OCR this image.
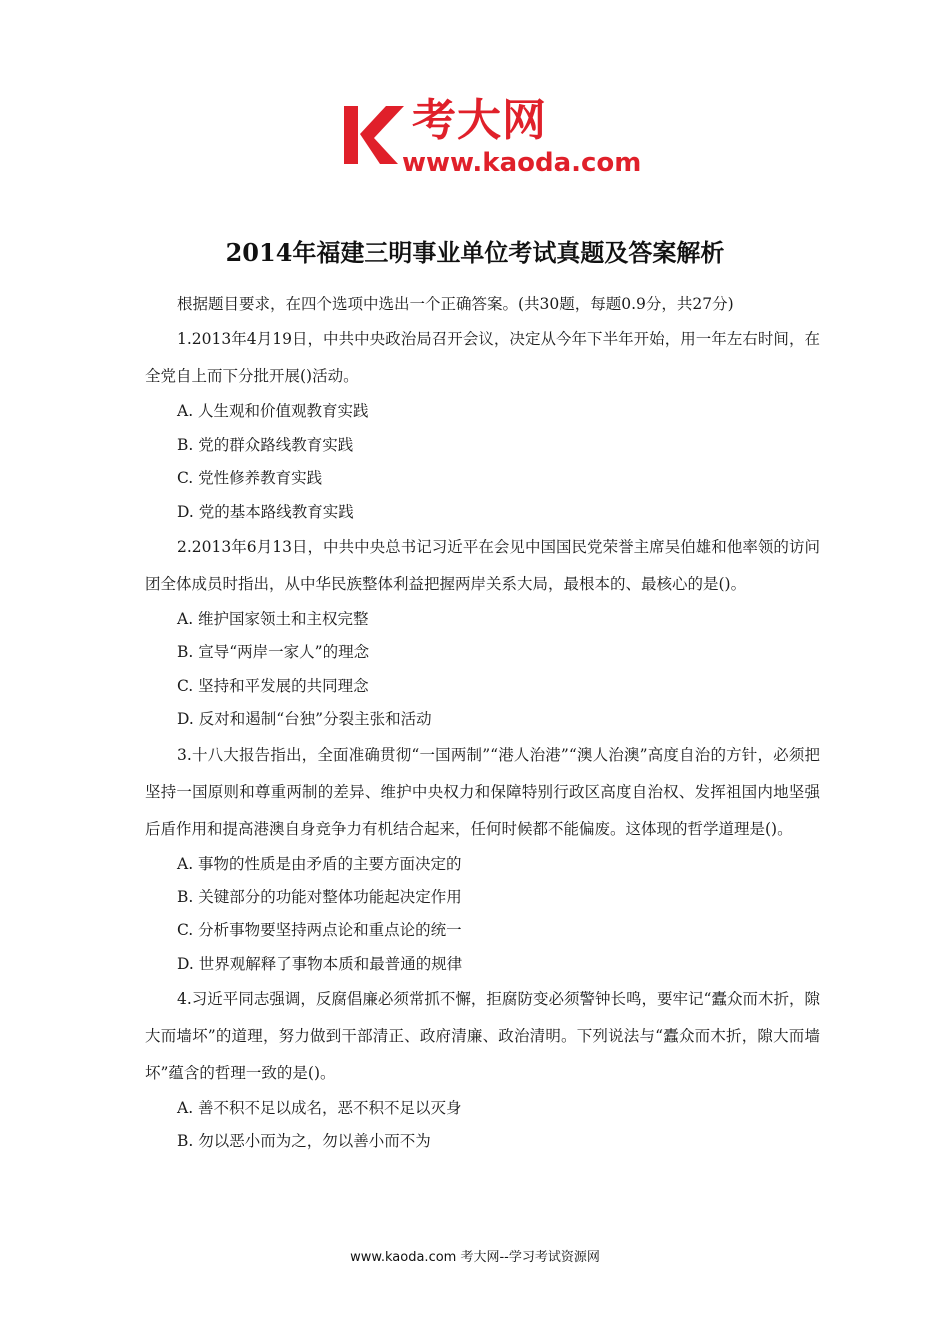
考大网
www.kaoda.com
2014年福建三明事业单位考试真题及答案解析
根据题目要求，在四个选项中选出一个正确答案。(共30题，每题0.9分，共27分)
1.2013年4月19日，中共中央政治局召开会议，决定从今年下半年开始，用一年左右时间，在全党自上而下分批开展()活动。
A. 人生观和价值观教育实践
B. 党的群众路线教育实践
C. 党性修养教育实践
D. 党的基本路线教育实践
2.2013年6月13日，中共中央总书记习近平在会见中国国民党荣誉主席吴伯雄和他率领的访问团全体成员时指出，从中华民族整体利益把握两岸关系大局，最根本的、最核心的是()。
A. 维护国家领土和主权完整
B. 宣导“两岸一家人”的理念
C. 坚持和平发展的共同理念
D. 反对和遏制“台独”分裂主张和活动
3.十八大报告指出，全面准确贯彻“一国两制”“港人治港”“澳人治澳”高度自治的方针，必须把坚持一国原则和尊重两制的差异、维护中央权力和保障特别行政区高度自治权、发挥祖国内地坚强后盾作用和提高港澳自身竞争力有机结合起来，任何时候都不能偏废。这体现的哲学道理是()。
A. 事物的性质是由矛盾的主要方面决定的
B. 关键部分的功能对整体功能起决定作用
C. 分析事物要坚持两点论和重点论的统一
D. 世界观解释了事物本质和最普通的规律
4.习近平同志强调，反腐倡廉必须常抓不懈，拒腐防变必须警钟长鸣，要牢记“蠹众而木折，隙大而墙坏”的道理，努力做到干部清正、政府清廉、政治清明。下列说法与“蠹众而木折，隙大而墙坏”蕴含的哲理一致的是()。
A. 善不积不足以成名，恶不积不足以灭身
B. 勿以恶小而为之，勿以善小而不为
www.kaoda.com 考大网--学习考试资源网
